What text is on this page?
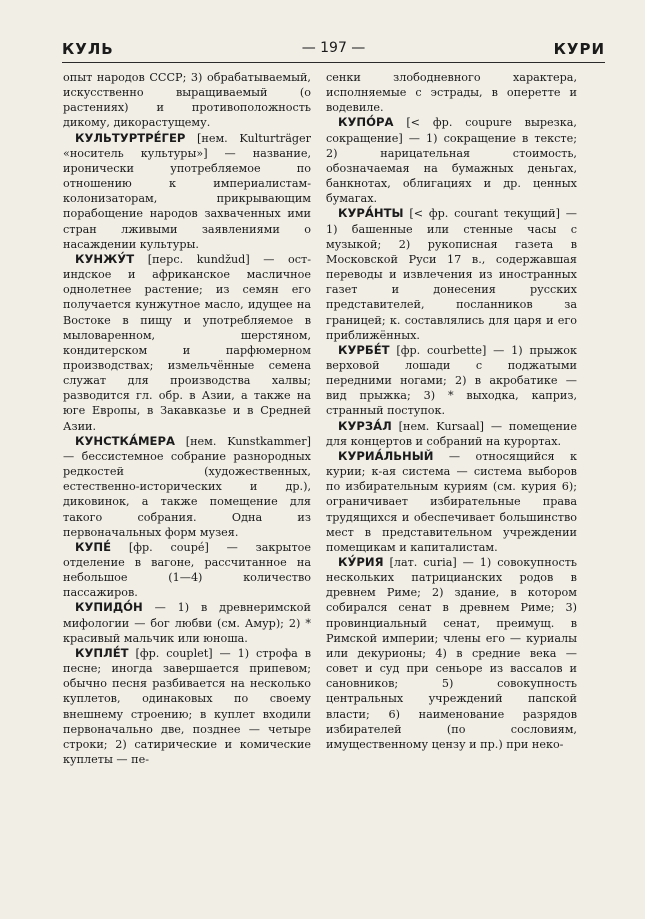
КУЛЬ	— 197 —	КУРИ

опыт народов СССР; 3) обрабатываемый, искусственно выращиваемый (о растениях) и противоположность дикому, дикорастущему.

КУЛЬТУРТРЕ́ГЕР [нем. Kulturträger «носитель культуры»] — название, иронически употребляемое по отношению к империалистам-колонизаторам, прикрывающим порабощение народов захваченных ими стран лживыми заявлениями о насаждении культуры.

КУНЖУ́Т [перс. kundžud] — ост-индское и африканское масличное однолетнее растение; из семян его получается кунжутное масло, идущее на Востоке в пищу и употребляемое в мыловаренном, шерстяном, кондитерском и парфюмерном производствах; измельчённые семена служат для производства халвы; разводится гл. обр. в Азии, а также на юге Европы, в Закавказье и в Средней Азии.

КУНСТКА́МЕРА [нем. Kunstkammer] — бессистемное собрание разнородных редкостей (художественных, естественно-исторических и др.), диковинок, а также помещение для такого собрания. Одна из первоначальных форм музея.

КУПЕ́ [фр. coupé] — закрытое отделение в вагоне, рассчитанное на небольшое (1—4) количество пассажиров.

КУПИДО́Н — 1) в древнеримской мифологии — бог любви (см. Амур); 2) * красивый мальчик или юноша.

КУПЛЕ́Т [фр. couplet] — 1) строфа в песне; иногда завершается припевом; обычно песня разбивается на несколько куплетов, одинаковых по своему внешнему строению; в куплет входили первоначально две, позднее — четыре строки; 2) сатирические и комические куплеты — пе-

сенки злободневного характера, исполняемые с эстрады, в оперетте и водевиле.

КУПО́РА [< фр. coupure вырезка, сокращение] — 1) сокращение в тексте; 2) нарицательная стоимость, обозначаемая на бумажных деньгах, банкнотах, облигациях и др. ценных бумагах.

КУРА́НТЫ [< фр. courant текущий] — 1) башенные или стенные часы с музыкой; 2) рукописная газета в Московской Руси 17 в., содержавшая переводы и извлечения из иностранных газет и донесения русских представителей, посланников за границей; к. составлялись для царя и его приближённых.

КУРБЕ́Т [фр. courbette] — 1) прыжок верховой лошади с поджатыми передними ногами; 2) в акробатике — вид прыжка; 3) * выходка, каприз, странный поступок.

КУРЗА́Л [нем. Kursaal] — помещение для концертов и собраний на курортах.

КУРИА́ЛЬНЫЙ — относящийся к курии; к-ая система — система выборов по избирательным куриям (см. курия 6); ограничивает избирательные права трудящихся и обеспечивает большинство мест в представительном учреждении помещикам и капиталистам.

КУ́РИЯ [лат. curia] — 1) совокупность нескольких патрицианских родов в древнем Риме; 2) здание, в котором собирался сенат в древнем Риме; 3) провинциальный сенат, преимущ. в Римской империи; члены его — куриалы или декурионы; 4) в средние века — совет и суд при сеньоре из вассалов и сановников; 5) совокупность центральных учреждений папской власти; 6) наименование разрядов избирателей (по сословиям, имущественному цензу и пр.) при неко-
